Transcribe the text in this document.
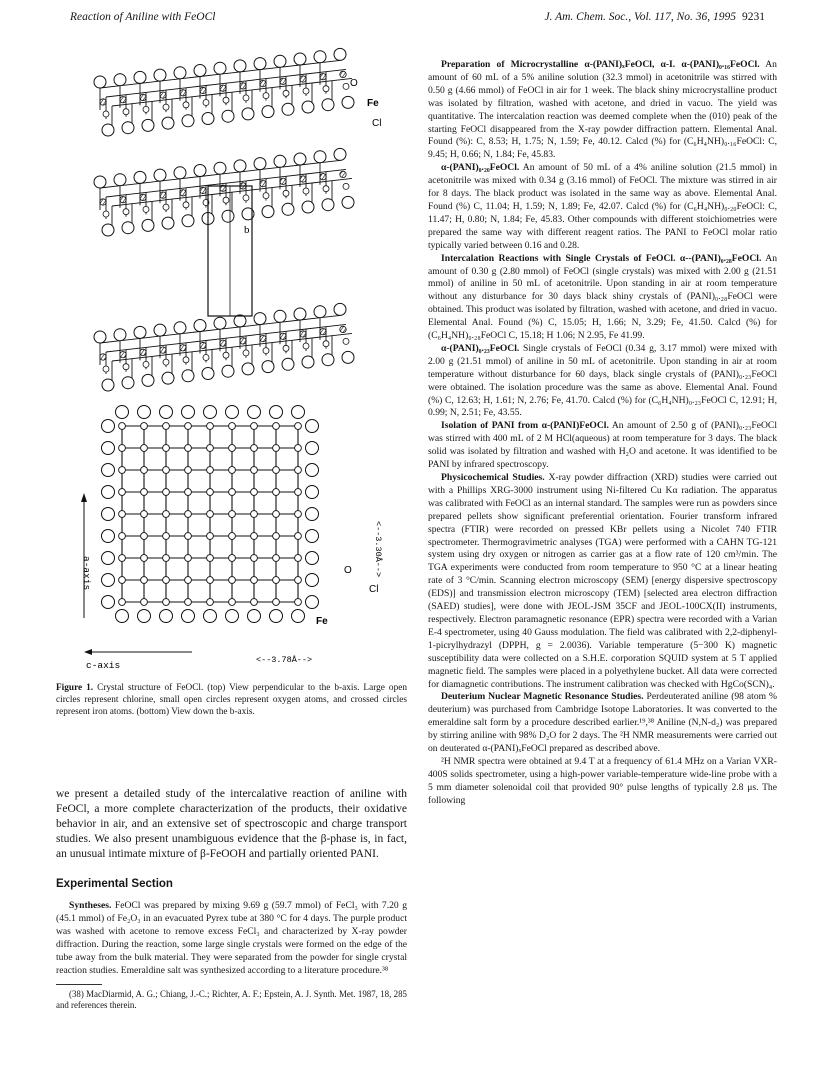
Reaction of Aniline with FeOCl	J. Am. Chem. Soc., Vol. 117, No. 36, 1995 9231
O
Fe
Cl
b
a-axis
c-axis
<--3.30Å-->
<--3.78Å-->
O
Cl
Fe
Figure 1. Crystal structure of FeOCl. (top) View perpendicular to the b-axis. Large open circles represent chlorine, small open circles represent oxygen atoms, and crossed circles represent iron atoms. (bottom) View down the b-axis.

we present a detailed study of the intercalative reaction of aniline with FeOCl, a more complete characterization of the products, their oxidative behavior in air, and an extensive set of spectroscopic and charge transport studies. We also present unambiguous evidence that the β-phase is, in fact, an unusual intimate mixture of β-FeOOH and partially oriented PANI.

Experimental Section

Syntheses. FeOCl was prepared by mixing 9.69 g (59.7 mmol) of FeCl₃ with 7.20 g (45.1 mmol) of Fe₂O₃ in an evacuated Pyrex tube at 380 °C for 4 days. The purple product was washed with acetone to remove excess FeCl₃ and characterized by X-ray powder diffraction. During the reaction, some large single crystals were formed on the edge of the tube away from the bulk material. They were separated from the powder for single crystal reaction studies. Emeraldine salt was synthesized according to a literature procedure.³⁸

(38) MacDiarmid, A. G.; Chiang, J.-C.; Richter, A. F.; Epstein, A. J. Synth. Met. 1987, 18, 285 and references therein.

Preparation of Microcrystalline α-(PANI)ₓFeOCl, α-I. α-(PANI)₀.₁₆FeOCl. An amount of 60 mL of a 5% aniline solution (32.3 mmol) in acetonitrile was stirred with 0.50 g (4.66 mmol) of FeOCl in air for 1 week. The black shiny microcrystalline product was isolated by filtration, washed with acetone, and dried in vacuo. The yield was quantitative. The intercalation reaction was deemed complete when the (010) peak of the starting FeOCl disappeared from the X-ray powder diffraction pattern. Elemental Anal. Found (%): C, 8.53; H, 1.75; N, 1.59; Fe, 40.12. Calcd (%) for (C₆H₄NH)₀.₁₆FeOCl: C, 9.45; H, 0.66; N, 1.84; Fe, 45.83.

α-(PANI)₀.₂₀FeOCl. An amount of 50 mL of a 4% aniline solution (21.5 mmol) in acetonitrile was mixed with 0.34 g (3.16 mmol) of FeOCl. The mixture was stirred in air for 8 days. The black product was isolated in the same way as above. Elemental Anal. Found (%) C, 11.04; H, 1.59; N, 1.89; Fe, 42.07. Calcd (%) for (C₆H₄NH)₀.₂₀FeOCl: C, 11.47; H, 0.80; N, 1.84; Fe, 45.83. Other compounds with different stoichiometries were prepared the same way with different reagent ratios. The PANI to FeOCl molar ratio typically varied between 0.16 and 0.28.

Intercalation Reactions with Single Crystals of FeOCl. α--(PANI)₀.₂₈FeOCl. An amount of 0.30 g (2.80 mmol) of FeOCl (single crystals) was mixed with 2.00 g (21.51 mmol) of aniline in 50 mL of acetonitrile. Upon standing in air at room temperature without any disturbance for 30 days black shiny crystals of (PANI)₀.₂₈FeOCl were obtained. This product was isolated by filtration, washed with acetone, and dried in vacuo. Elemental Anal. Found (%) C, 15.05; H, 1.66; N, 3.29; Fe, 41.50. Calcd (%) for (C₆H₄NH)₀.₂₈FeOCl C, 15.18; H 1.06; N 2.95, Fe 41.99.

α-(PANI)₀.₂₃FeOCl. Single crystals of FeOCl (0.34 g, 3.17 mmol) were mixed with 2.00 g (21.51 mmol) of aniline in 50 mL of acetonitrile. Upon standing in air at room temperature without disturbance for 60 days, black single crystals of (PANI)₀.₂₃FeOCl were obtained. The isolation procedure was the same as above. Elemental Anal. Found (%) C, 12.63; H, 1.61; N, 2.76; Fe, 41.70. Calcd (%) for (C₆H₄NH)₀.₂₃FeOCl C, 12.91; H, 0.99; N, 2.51; Fe, 43.55.

Isolation of PANI from α-(PANI)FeOCl. An amount of 2.50 g of (PANI)₀.₂₃FeOCl was stirred with 400 mL of 2 M HCl(aqueous) at room temperature for 3 days. The black solid was isolated by filtration and washed with H₂O and acetone. It was identified to be PANI by infrared spectroscopy.

Physicochemical Studies. X-ray powder diffraction (XRD) studies were carried out with a Phillips XRG-3000 instrument using Ni-filtered Cu Kα radiation. The apparatus was calibrated with FeOCl as an internal standard. The samples were run as powders since prepared pellets show significant preferential orientation. Fourier transform infrared spectra (FTIR) were recorded on pressed KBr pellets using a Nicolet 740 FTIR spectrometer. Thermogravimetric analyses (TGA) were performed with a CAHN TG-121 system using dry oxygen or nitrogen as carrier gas at a flow rate of 120 cm³/min. The TGA experiments were conducted from room temperature to 950 °C at a linear heating rate of 3 °C/min. Scanning electron microscopy (SEM) [energy dispersive spectroscopy (EDS)] and transmission electron microscopy (TEM) [selected area electron diffraction (SAED) studies], were done with JEOL-JSM 35CF and JEOL-100CX(II) instruments, respectively. Electron paramagnetic resonance (EPR) spectra were recorded with a Varian E-4 spectrometer, using 40 Gauss modulation. The field was calibrated with 2,2-diphenyl-1-picrylhydrazyl (DPPH, g = 2.0036). Variable temperature (5−300 K) magnetic susceptibility data were collected on a S.H.E. corporation SQUID system at 5 T applied magnetic field. The samples were placed in a polyethylene bucket. All data were corrected for diamagnetic contributions. The instrument calibration was checked with HgCo(SCN)₄.

Deuterium Nuclear Magnetic Resonance Studies. Perdeuterated aniline (98 atom % deuterium) was purchased from Cambridge Isotope Laboratories. It was converted to the emeraldine salt form by a procedure described earlier.¹⁹,³⁸ Aniline (N,N-d₂) was prepared by stirring aniline with 98% D₂O for 2 days. The ²H NMR measurements were carried out on deuterated α-(PANI)ₓFeOCl prepared as described above.

²H NMR spectra were obtained at 9.4 T at a frequency of 61.4 MHz on a Varian VXR-400S solids spectrometer, using a high-power variable-temperature wide-line probe with a 5 mm diameter solenoidal coil that provided 90° pulse lengths of typically 2.8 μs. The following
